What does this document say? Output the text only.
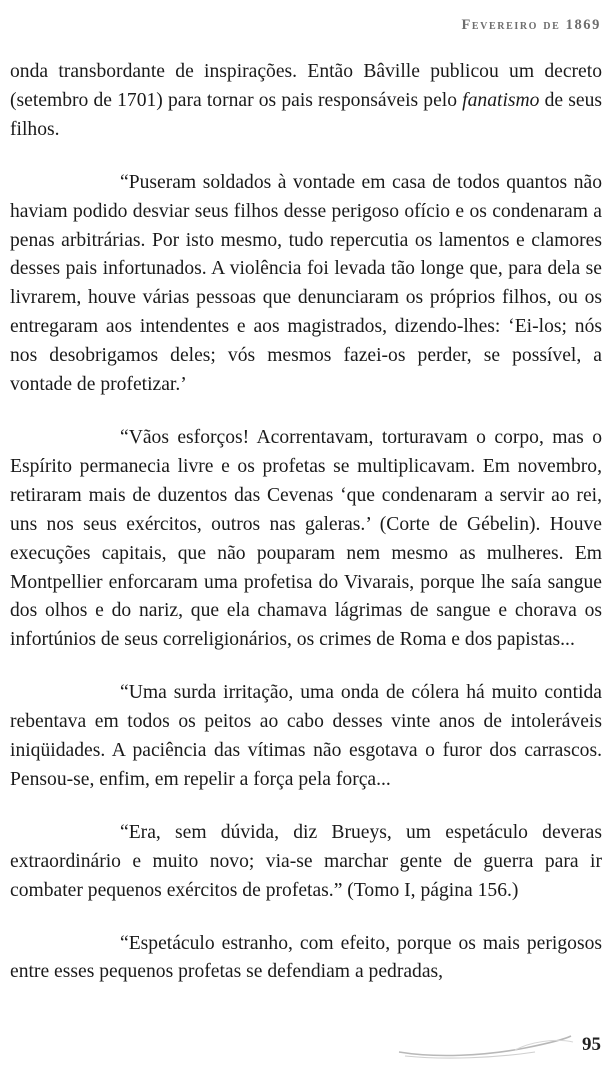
Fevereiro de 1869

onda transbordante de inspirações. Então Bâville publicou um decreto (setembro de 1701) para tornar os pais responsáveis pelo fanatismo de seus filhos.

“Puseram soldados à vontade em casa de todos quantos não haviam podido desviar seus filhos desse perigoso ofício e os condenaram a penas arbitrárias. Por isto mesmo, tudo repercutia os lamentos e clamores desses pais infortunados. A violência foi levada tão longe que, para dela se livrarem, houve várias pessoas que denunciaram os próprios filhos, ou os entregaram aos intendentes e aos magistrados, dizendo-lhes: ‘Ei-los; nós nos desobrigamos deles; vós mesmos fazei-os perder, se possível, a vontade de profetizar.’

“Vãos esforços! Acorrentavam, torturavam o corpo, mas o Espírito permanecia livre e os profetas se multiplicavam. Em novembro, retiraram mais de duzentos das Cevenas ‘que condenaram a servir ao rei, uns nos seus exércitos, outros nas galeras.’ (Corte de Gébelin). Houve execuções capitais, que não pouparam nem mesmo as mulheres. Em Montpellier enforcaram uma profetisa do Vivarais, porque lhe saía sangue dos olhos e do nariz, que ela chamava lágrimas de sangue e chorava os infortúnios de seus correligionários, os crimes de Roma e dos papistas...

“Uma surda irritação, uma onda de cólera há muito contida rebentava em todos os peitos ao cabo desses vinte anos de intoleráveis iniqüidades. A paciência das vítimas não esgotava o furor dos carrascos. Pensou-se, enfim, em repelir a força pela força...

“Era, sem dúvida, diz Brueys, um espetáculo deveras extraordinário e muito novo; via-se marchar gente de guerra para ir combater pequenos exércitos de profetas.” (Tomo I, página 156.)

“Espetáculo estranho, com efeito, porque os mais perigosos entre esses pequenos profetas se defendiam a pedradas,

95
